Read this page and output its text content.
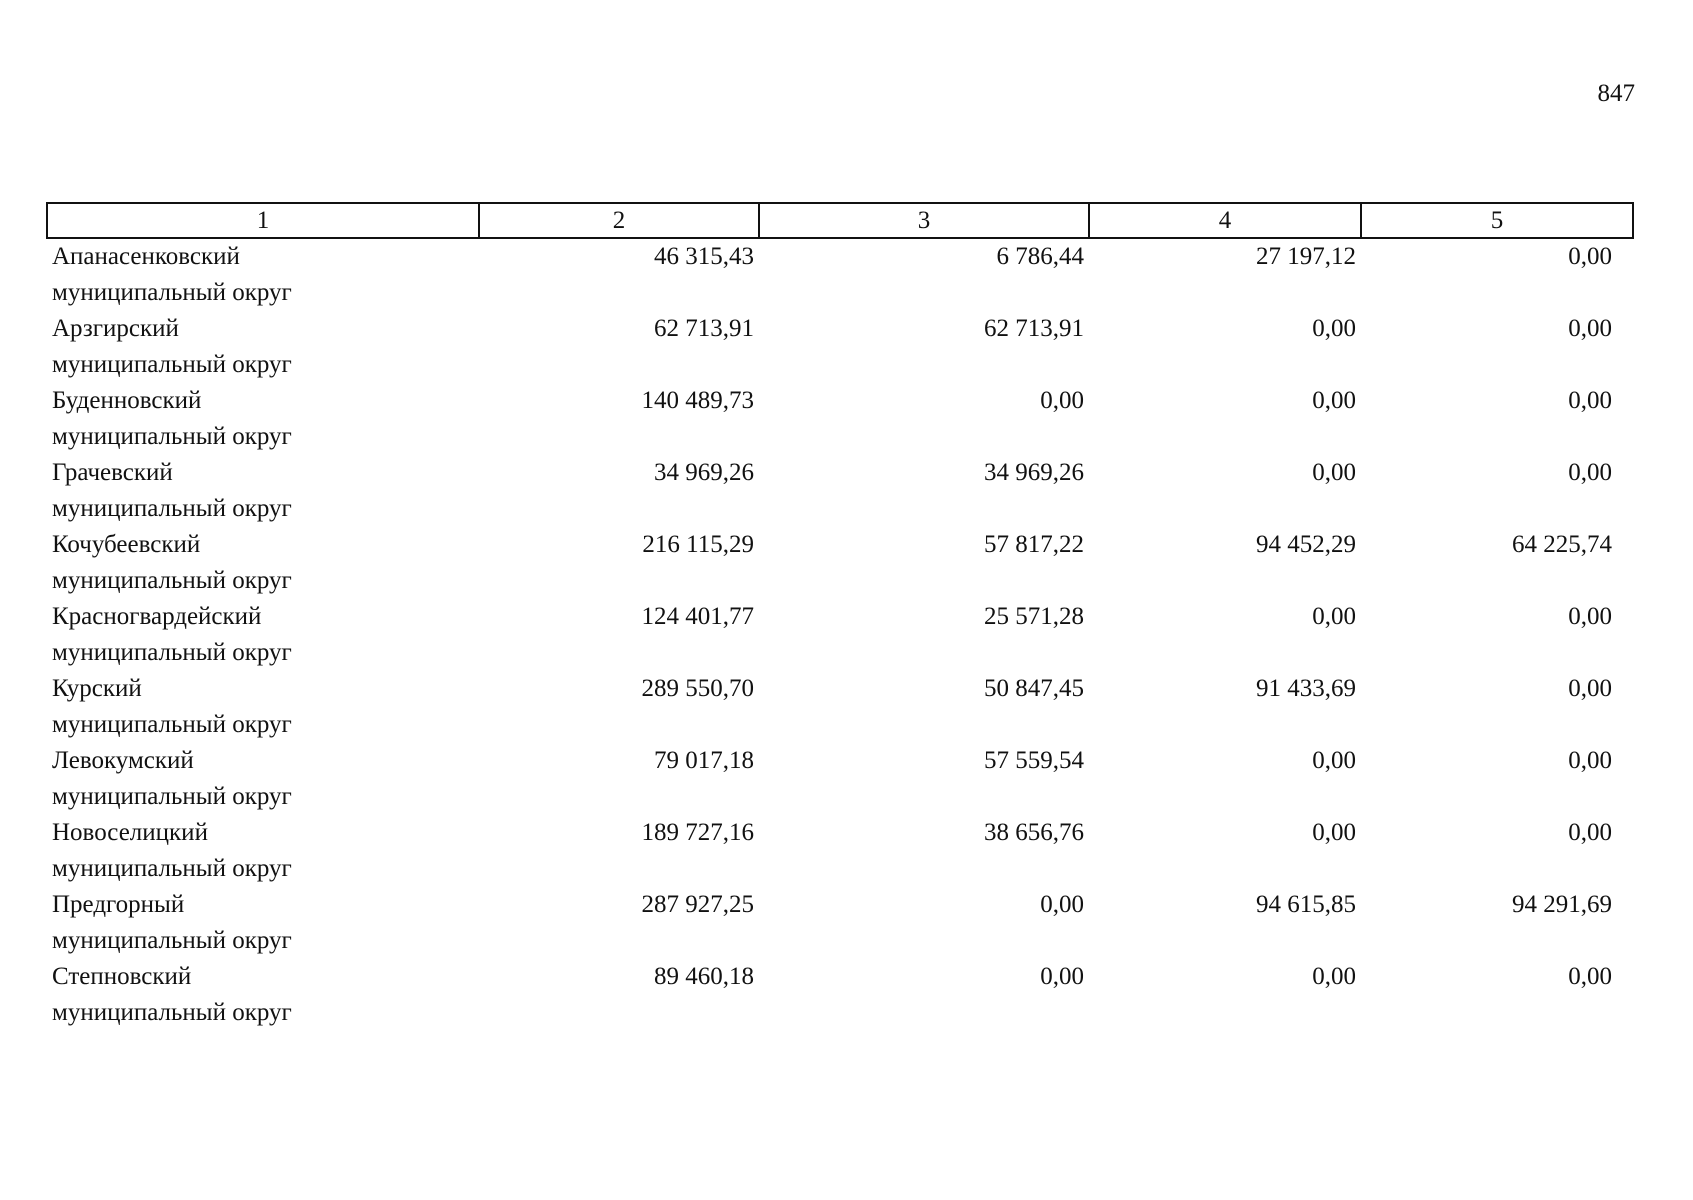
847
1	2	3	4	5

Апанасенковский
муниципальный округ	46 315,43	6 786,44	27 197,12	0,00

Арзгирский
муниципальный округ	62 713,91	62 713,91	0,00	0,00

Буденновский
муниципальный округ	140 489,73	0,00	0,00	0,00

Грачевский
муниципальный округ	34 969,26	34 969,26	0,00	0,00

Кочубеевский
муниципальный округ	216 115,29	57 817,22	94 452,29	64 225,74

Красногвардейский
муниципальный округ	124 401,77	25 571,28	0,00	0,00

Курский
муниципальный округ	289 550,70	50 847,45	91 433,69	0,00

Левокумский
муниципальный округ	79 017,18	57 559,54	0,00	0,00

Новоселицкий
муниципальный округ	189 727,16	38 656,76	0,00	0,00

Предгорный
муниципальный округ	287 927,25	0,00	94 615,85	94 291,69

Степновский
муниципальный округ	89 460,18	0,00	0,00	0,00
